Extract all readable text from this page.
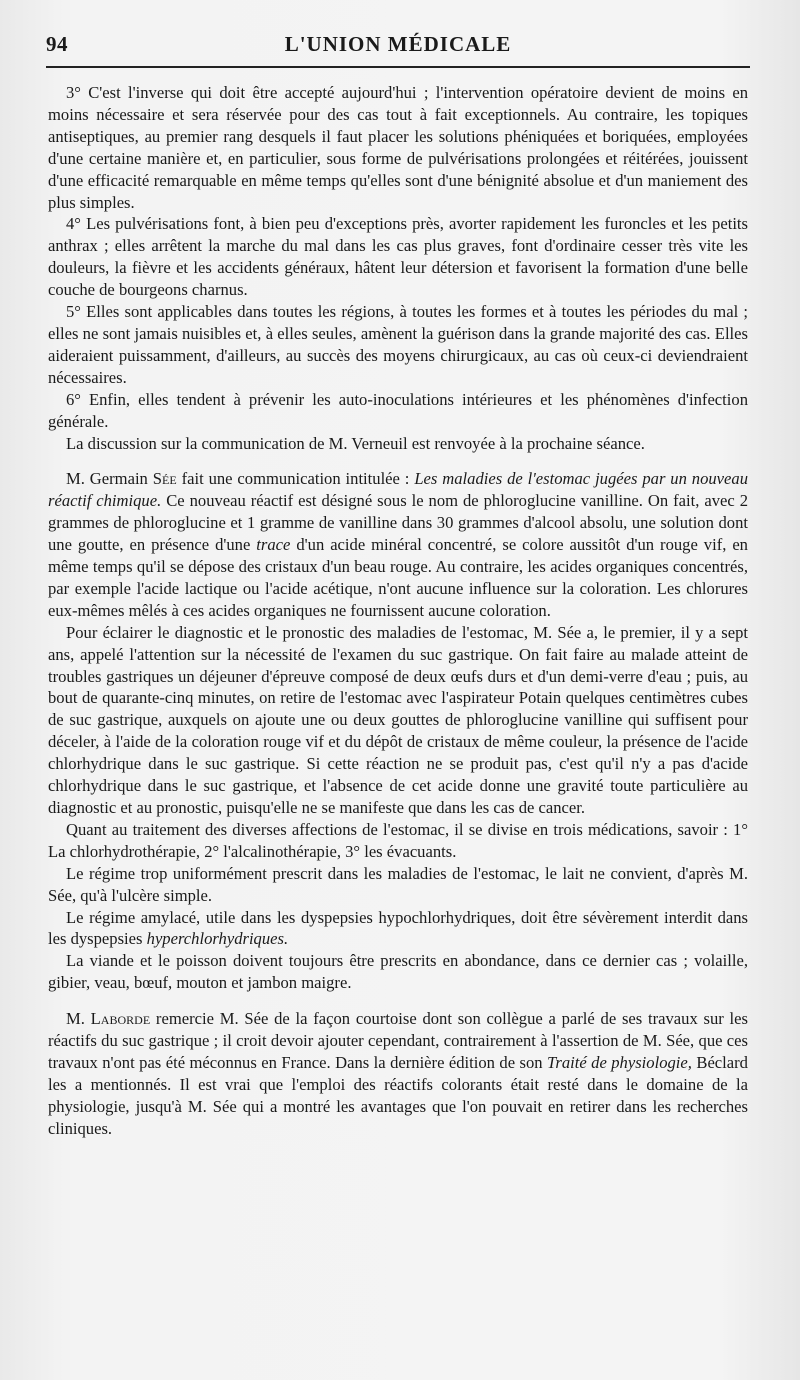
94	L'UNION MÉDICALE

3° C'est l'inverse qui doit être accepté aujourd'hui ; l'intervention opératoire devient de moins en moins nécessaire et sera réservée pour des cas tout à fait exceptionnels. Au contraire, les topiques antiseptiques, au premier rang desquels il faut placer les solutions phéniquées et boriquées, employées d'une certaine manière et, en particulier, sous forme de pulvérisations prolongées et réitérées, jouissent d'une efficacité remarquable en même temps qu'elles sont d'une bénignité absolue et d'un maniement des plus simples.

4° Les pulvérisations font, à bien peu d'exceptions près, avorter rapidement les furoncles et les petits anthrax ; elles arrêtent la marche du mal dans les cas plus graves, font d'ordinaire cesser très vite les douleurs, la fièvre et les accidents généraux, hâtent leur détersion et favorisent la formation d'une belle couche de bourgeons charnus.

5° Elles sont applicables dans toutes les régions, à toutes les formes et à toutes les périodes du mal ; elles ne sont jamais nuisibles et, à elles seules, amènent la guérison dans la grande majorité des cas. Elles aideraient puissamment, d'ailleurs, au succès des moyens chirurgicaux, au cas où ceux-ci deviendraient nécessaires.

6° Enfin, elles tendent à prévenir les auto-inoculations intérieures et les phénomènes d'infection générale.

La discussion sur la communication de M. Verneuil est renvoyée à la prochaine séance.

M. Germain Sée fait une communication intitulée : Les maladies de l'estomac jugées par un nouveau réactif chimique. Ce nouveau réactif est désigné sous le nom de phloroglucine vanilline. On fait, avec 2 grammes de phloroglucine et 1 gramme de vanilline dans 30 grammes d'alcool absolu, une solution dont une goutte, en présence d'une trace d'un acide minéral concentré, se colore aussitôt d'un rouge vif, en même temps qu'il se dépose des cristaux d'un beau rouge. Au contraire, les acides organiques concentrés, par exemple l'acide lactique ou l'acide acétique, n'ont aucune influence sur la coloration. Les chlorures eux-mêmes mêlés à ces acides organiques ne fournissent aucune coloration.

Pour éclairer le diagnostic et le pronostic des maladies de l'estomac, M. Sée a, le premier, il y a sept ans, appelé l'attention sur la nécessité de l'examen du suc gastrique. On fait faire au malade atteint de troubles gastriques un déjeuner d'épreuve composé de deux œufs durs et d'un demi-verre d'eau ; puis, au bout de quarante-cinq minutes, on retire de l'estomac avec l'aspirateur Potain quelques centimètres cubes de suc gastrique, auxquels on ajoute une ou deux gouttes de phloroglucine vanilline qui suffisent pour déceler, à l'aide de la coloration rouge vif et du dépôt de cristaux de même couleur, la présence de l'acide chlorhydrique dans le suc gastrique. Si cette réaction ne se produit pas, c'est qu'il n'y a pas d'acide chlorhydrique dans le suc gastrique, et l'absence de cet acide donne une gravité toute particulière au diagnostic et au pronostic, puisqu'elle ne se manifeste que dans les cas de cancer.

Quant au traitement des diverses affections de l'estomac, il se divise en trois médications, savoir : 1° La chlorhydrothérapie, 2° l'alcalinothérapie, 3° les évacuants.

Le régime trop uniformément prescrit dans les maladies de l'estomac, le lait ne convient, d'après M. Sée, qu'à l'ulcère simple.

Le régime amylacé, utile dans les dyspepsies hypochlorhydriques, doit être sévèrement interdit dans les dyspepsies hyperchlorhydriques.

La viande et le poisson doivent toujours être prescrits en abondance, dans ce dernier cas ; volaille, gibier, veau, bœuf, mouton et jambon maigre.

M. Laborde remercie M. Sée de la façon courtoise dont son collègue a parlé de ses travaux sur les réactifs du suc gastrique ; il croit devoir ajouter cependant, contrairement à l'assertion de M. Sée, que ces travaux n'ont pas été méconnus en France. Dans la dernière édition de son Traité de physiologie, Béclard les a mentionnés. Il est vrai que l'emploi des réactifs colorants était resté dans le domaine de la physiologie, jusqu'à M. Sée qui a montré les avantages que l'on pouvait en retirer dans les recherches cliniques.
